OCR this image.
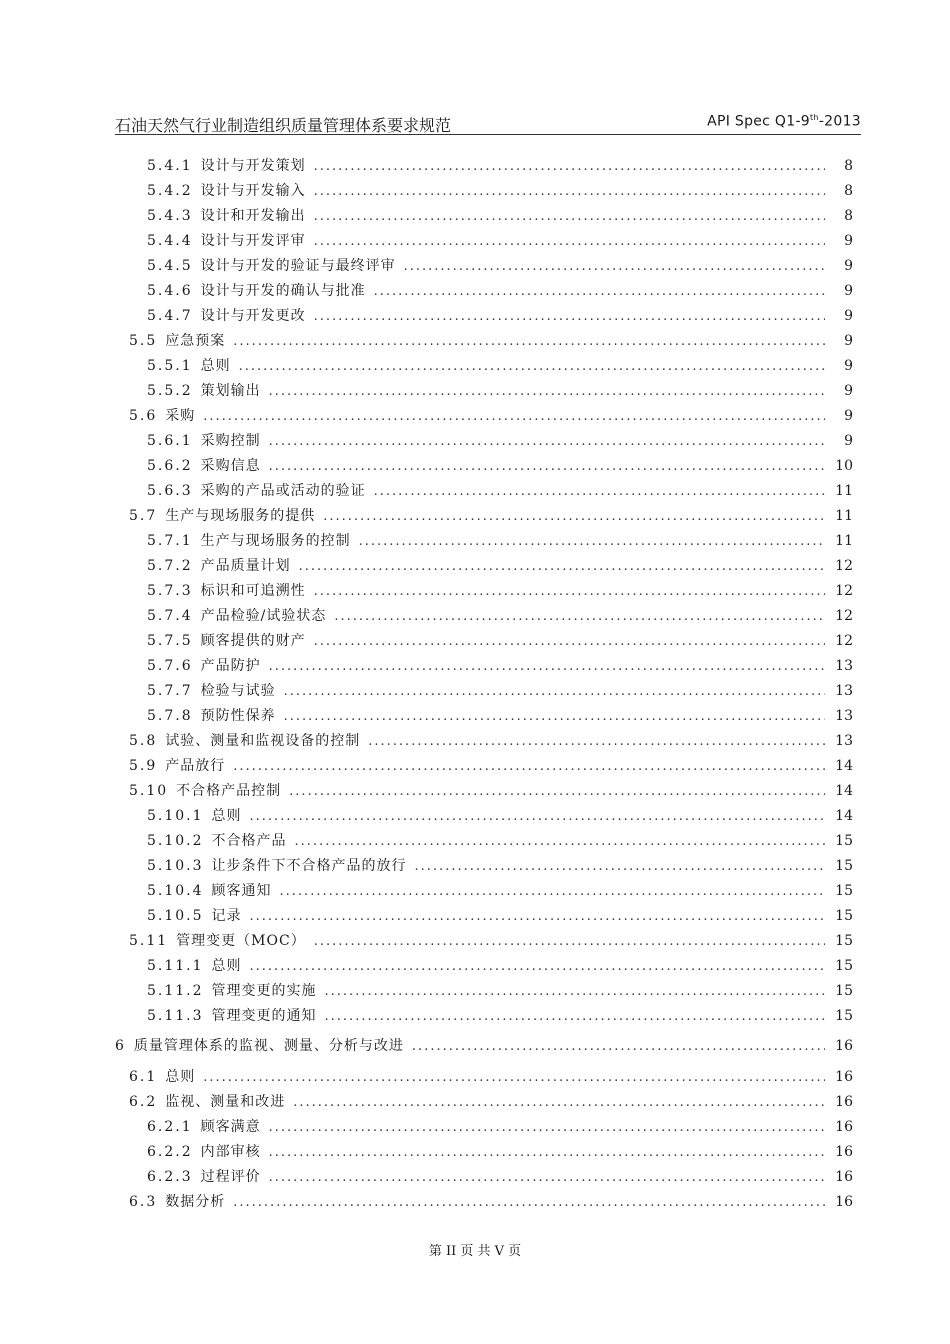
石油天然气行业制造组织质量管理体系要求规范	API Spec Q1-9th-2013
5.4.1 设计与开发策划 .....	8
5.4.2 设计与开发输入 .....	8
5.4.3 设计和开发输出 .....	8
5.4.4 设计与开发评审 .....	9
5.4.5 设计与开发的验证与最终评审 .....	9
5.4.6 设计与开发的确认与批准 .....	9
5.4.7 设计与开发更改 .....	9
5.5 应急预案 .....	9
5.5.1 总则 .....	9
5.5.2 策划输出 .....	9
5.6 采购 .....	9
5.6.1 采购控制 .....	9
5.6.2 采购信息 .....	10
5.6.3 采购的产品或活动的验证 .....	11
5.7 生产与现场服务的提供 .....	11
5.7.1 生产与现场服务的控制 .....	11
5.7.2 产品质量计划 .....	12
5.7.3 标识和可追溯性 .....	12
5.7.4 产品检验/试验状态 .....	12
5.7.5 顾客提供的财产 .....	12
5.7.6 产品防护 .....	13
5.7.7 检验与试验 .....	13
5.7.8 预防性保养 .....	13
5.8 试验、测量和监视设备的控制 .....	13
5.9 产品放行 .....	14
5.10 不合格产品控制 .....	14
5.10.1 总则 .....	14
5.10.2 不合格产品 .....	15
5.10.3 让步条件下不合格产品的放行 .....	15
5.10.4 顾客通知 .....	15
5.10.5 记录 .....	15
5.11 管理变更（MOC） .....	15
5.11.1 总则 .....	15
5.11.2 管理变更的实施 .....	15
5.11.3 管理变更的通知 .....	15
6 质量管理体系的监视、测量、分析与改进 .....	16
6.1 总则 .....	16
6.2 监视、测量和改进 .....	16
6.2.1 顾客满意 .....	16
6.2.2 内部审核 .....	16
6.2.3 过程评价 .....	16
6.3 数据分析 .....	16
第 II 页 共 V 页
